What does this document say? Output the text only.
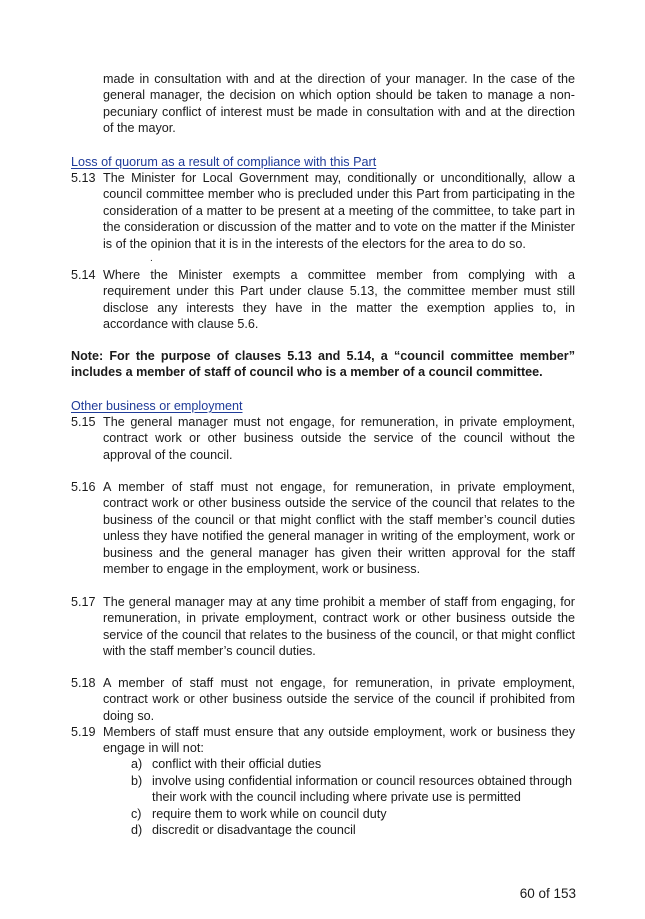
made in consultation with and at the direction of your manager. In the case of the general manager, the decision on which option should be taken to manage a non-pecuniary conflict of interest must be made in consultation with and at the direction of the mayor.
Loss of quorum as a result of compliance with this Part
5.13 The Minister for Local Government may, conditionally or unconditionally, allow a council committee member who is precluded under this Part from participating in the consideration of a matter to be present at a meeting of the committee, to take part in the consideration or discussion of the matter and to vote on the matter if the Minister is of the opinion that it is in the interests of the electors for the area to do so.
.
5.14 Where the Minister exempts a committee member from complying with a requirement under this Part under clause 5.13, the committee member must still disclose any interests they have in the matter the exemption applies to, in accordance with clause 5.6.
Note: For the purpose of clauses 5.13 and 5.14, a “council committee member” includes a member of staff of council who is a member of a council committee.
Other business or employment
5.15 The general manager must not engage, for remuneration, in private employment, contract work or other business outside the service of the council without the approval of the council.
5.16 A member of staff must not engage, for remuneration, in private employment, contract work or other business outside the service of the council that relates to the business of the council or that might conflict with the staff member’s council duties unless they have notified the general manager in writing of the employment, work or business and the general manager has given their written approval for the staff member to engage in the employment, work or business.
5.17 The general manager may at any time prohibit a member of staff from engaging, for remuneration, in private employment, contract work or other business outside the service of the council that relates to the business of the council, or that might conflict with the staff member’s council duties.
5.18 A member of staff must not engage, for remuneration, in private employment, contract work or other business outside the service of the council if prohibited from doing so.
5.19 Members of staff must ensure that any outside employment, work or business they engage in will not:
a) conflict with their official duties
b) involve using confidential information or council resources obtained through their work with the council including where private use is permitted
c) require them to work while on council duty
d) discredit or disadvantage the council
60 of 153
